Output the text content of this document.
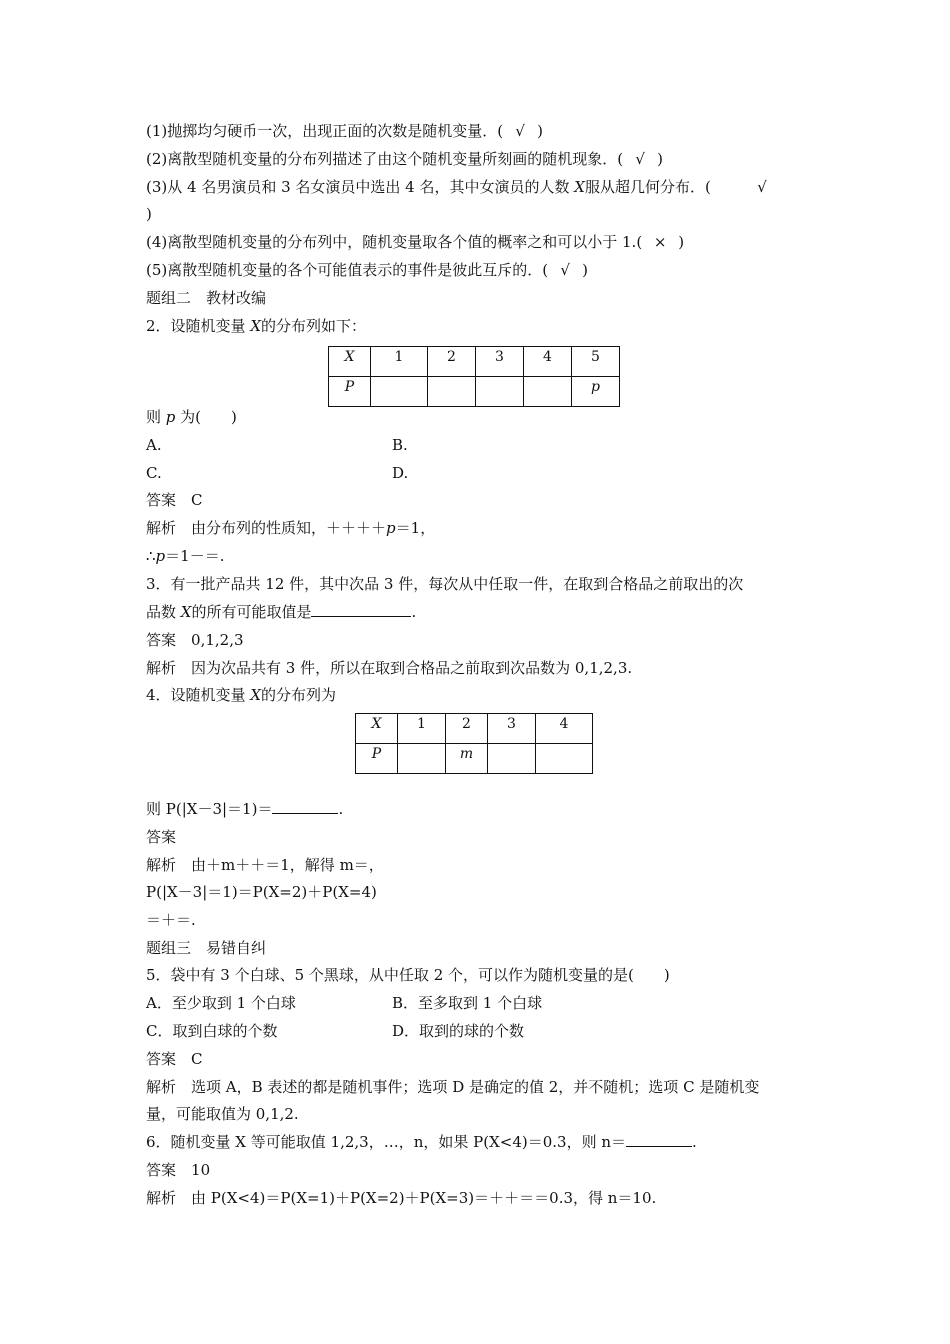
(1)抛掷均匀硬币一次，出现正面的次数是随机变量．( √ )
(2)离散型随机变量的分布列描述了由这个随机变量所刻画的随机现象．( √ )
(3)从 4 名男演员和 3 名女演员中选出 4 名，其中女演员的人数 X服从超几何分布．(	√
)
(4)离散型随机变量的分布列中，随机变量取各个值的概率之和可以小于 1.( × )
(5)离散型随机变量的各个可能值表示的事件是彼此互斥的．( √ )
题组二　教材改编
2．设随机变量 X的分布列如下：
X	1	2	3	4	5
P					p
则 p 为(　　)
A.	B.
C.	D.
答案　 C
解析　 由分布列的性质知，＋＋＋＋p＝1，
∴p＝1－＝.
3．有一批产品共 12 件，其中次品 3 件，每次从中任取一件，在取到合格品之前取出的次
品数 X的所有可能取值是	.
答案　 0,1,2,3
解析　 因为次品共有 3 件，所以在取到合格品之前取到次品数为 0,1,2,3.
4．设随机变量 X的分布列为
X	1	2	3	4
P		m		
则 P(|X－3|＝1)＝	.
答案
解析　 由＋m＋＋＝1，解得 m＝，
P(|X－3|＝1)＝P(X=2)＋P(X=4)
＝＋＝.
题组三　易错自纠
5．袋中有 3 个白球、5 个黑球，从中任取 2 个，可以作为随机变量的是(　　)
A．至少取到 1 个白球	B．至多取到 1 个白球
C．取到白球的个数	D．取到的球的个数
答案　 C
解析　 选项 A，B 表述的都是随机事件；选项 D 是确定的值 2，并不随机；选项 C 是随机变
量，可能取值为 0,1,2.
6．随机变量 X 等可能取值 1,2,3，…，n，如果 P(X<4)＝0.3，则 n＝	.
答案　 10
解析　 由 P(X<4)＝P(X=1)＋P(X=2)＋P(X=3)＝＋＋＝＝0.3，得 n＝10.
